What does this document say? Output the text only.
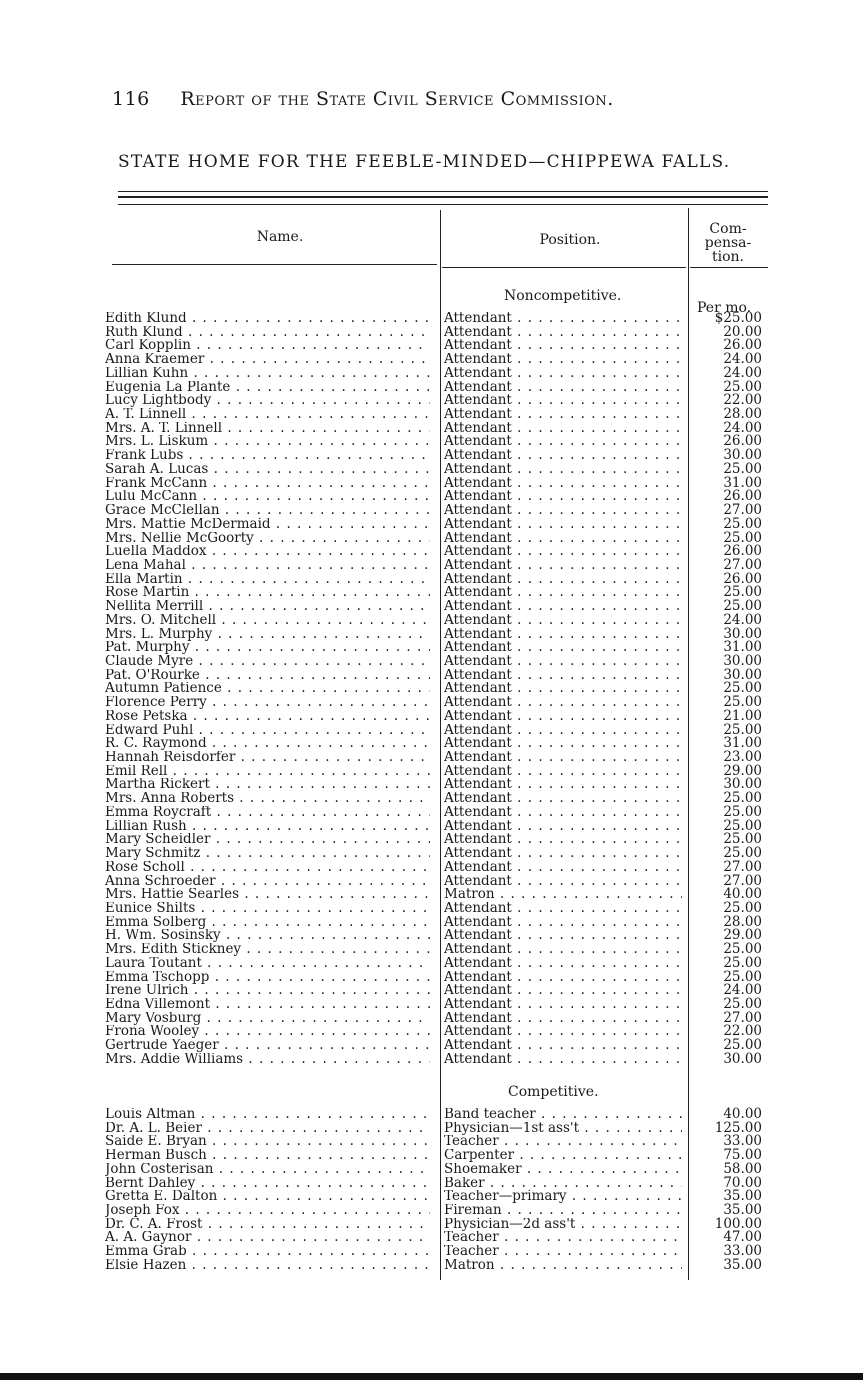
116 Report of the State Civil Service Commission.
STATE HOME FOR THE FEEBLE-MINDED—CHIPPEWA FALLS.
Name.	Position.
Com-
pensa-
tion.
Noncompetitive.
Per mo.
Edith Klund . . .	Attendant . . .	$25.00
Ruth Klund . . .	Attendant . . .	20.00
Carl Kopplin . . .	Attendant . . .	26.00
Anna Kraemer . . .	Attendant . . .	24.00
Lillian Kuhn . . .	Attendant . . .	24.00
Eugenia La Plante . . .	Attendant . . .	25.00
Lucy Lightbody . . .	Attendant . . .	22.00
A. T. Linnell . . .	Attendant . . .	28.00
Mrs. A. T. Linnell . . .	Attendant . . .	24.00
Mrs. L. Liskum . . .	Attendant . . .	26.00
Frank Lubs . . .	Attendant . . .	30.00
Sarah A. Lucas . . .	Attendant . . .	25.00
Frank McCann . . .	Attendant . . .	31.00
Lulu McCann . . .	Attendant . . .	26.00
Grace McClellan . . .	Attendant . . .	27.00
Mrs. Mattie McDermaid . . .	Attendant . . .	25.00
Mrs. Nellie McGoorty . . .	Attendant . . .	25.00
Luella Maddox . . .	Attendant . . .	26.00
Lena Mahal . . .	Attendant . . .	27.00
Ella Martin . . .	Attendant . . .	26.00
Rose Martin . . .	Attendant . . .	25.00
Nellita Merrill . . .	Attendant . . .	25.00
Mrs. O. Mitchell . . .	Attendant . . .	24.00
Mrs. L. Murphy . . .	Attendant . . .	30.00
Pat. Murphy . . .	Attendant . . .	31.00
Claude Myre . . .	Attendant . . .	30.00
Pat. O'Rourke . . .	Attendant . . .	30.00
Autumn Patience . . .	Attendant . . .	25.00
Florence Perry . . .	Attendant . . .	25.00
Rose Petska . . .	Attendant . . .	21.00
Edward Puhl . . .	Attendant . . .	25.00
R. C. Raymond . . .	Attendant . . .	31.00
Hannah Reisdorfer . . .	Attendant . . .	23.00
Emil Rell . . .	Attendant . . .	29.00
Martha Rickert . . .	Attendant . . .	30.00
Mrs. Anna Roberts . . .	Attendant . . .	25.00
Emma Roycraft . . .	Attendant . . .	25.00
Lillian Rush . . .	Attendant . . .	25.00
Mary Scheidler . . .	Attendant . . .	25.00
Mary Schmitz . . .	Attendant . . .	25.00
Rose Scholl . . .	Attendant . . .	27.00
Anna Schroeder . . .	Attendant . . .	27.00
Mrs. Hattie Searles . . .	Matron . . .	40.00
Eunice Shilts . . .	Attendant . . .	25.00
Emma Solberg . . .	Attendant . . .	28.00
H. Wm. Sosinsky . . .	Attendant . . .	29.00
Mrs. Edith Stickney . . .	Attendant . . .	25.00
Laura Toutant . . .	Attendant . . .	25.00
Emma Tschopp . . .	Attendant . . .	25.00
Irene Ulrich . . .	Attendant . . .	24.00
Edna Villemont . . .	Attendant . . .	25.00
Mary Vosburg . . .	Attendant . . .	27.00
Frona Wooley . . .	Attendant . . .	22.00
Gertrude Yaeger . . .	Attendant . . .	25.00
Mrs. Addie Williams . . .	Attendant . . .	30.00
Competitive.
Louis Altman . . .	Band teacher . . .	40.00
Dr. A. L. Beier . . .	Physician—1st ass't . . .	125.00
Saide E. Bryan . . .	Teacher . . .	33.00
Herman Busch . . .	Carpenter . . .	75.00
John Costerisan . . .	Shoemaker . . .	58.00
Bernt Dahley . . .	Baker . . .	70.00
Gretta E. Dalton . . .	Teacher—primary . . .	35.00
Joseph Fox . . .	Fireman . . .	35.00
Dr. C. A. Frost . . .	Physician—2d ass't . . .	100.00
A. A. Gaynor . . .	Teacher . . .	47.00
Emma Grab . . .	Teacher . . .	33.00
Elsie Hazen . . .	Matron . . .	35.00
